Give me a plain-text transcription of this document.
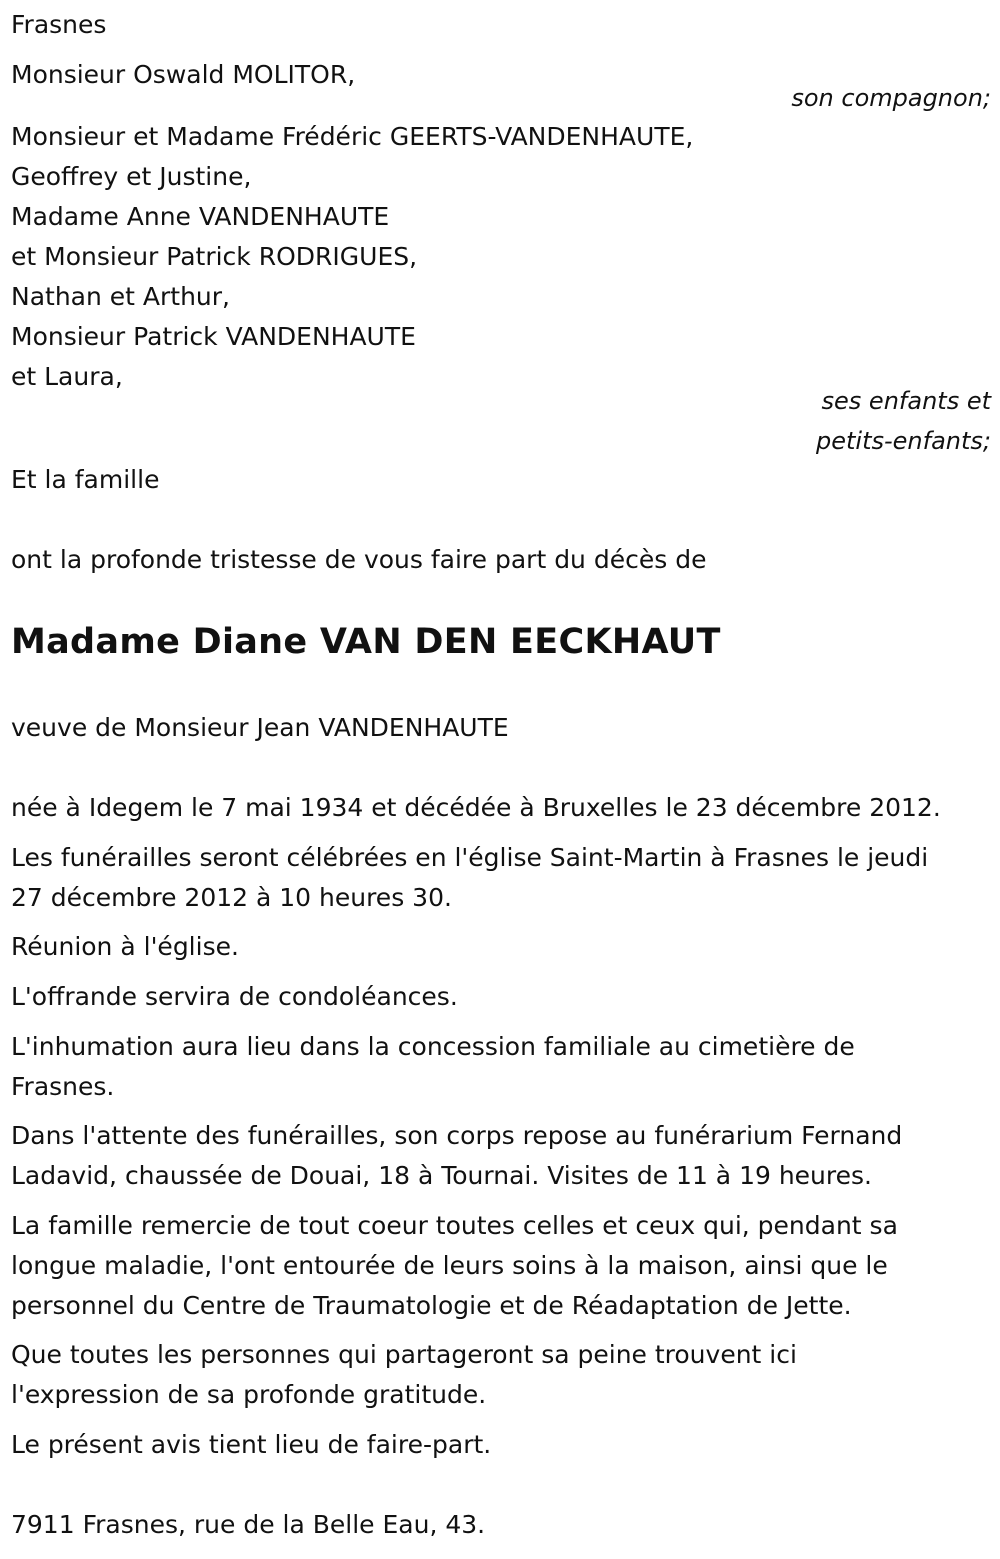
Frasnes
Monsieur Oswald MOLITOR,
son compagnon;
Monsieur et Madame Frédéric GEERTS-VANDENHAUTE,
Geoffrey et Justine,
Madame Anne VANDENHAUTE
et Monsieur Patrick RODRIGUES,
Nathan et Arthur,
Monsieur Patrick VANDENHAUTE
et Laura,
ses enfants et
petits-enfants;
Et la famille
ont la profonde tristesse de vous faire part du décès de
Madame Diane VAN DEN EECKHAUT
veuve de Monsieur Jean VANDENHAUTE
née à Idegem le 7 mai 1934 et décédée à Bruxelles le 23 décembre 2012.
Les funérailles seront célébrées en l'église Saint-Martin à Frasnes le jeudi
27 décembre 2012 à 10 heures 30.
Réunion à l'église.
L'offrande servira de condoléances.
L'inhumation aura lieu dans la concession familiale au cimetière de
Frasnes.
Dans l'attente des funérailles, son corps repose au funérarium Fernand
Ladavid, chaussée de Douai, 18 à Tournai. Visites de 11 à 19 heures.
La famille remercie de tout coeur toutes celles et ceux qui, pendant sa
longue maladie, l'ont entourée de leurs soins à la maison, ainsi que le
personnel du Centre de Traumatologie et de Réadaptation de Jette.
Que toutes les personnes qui partageront sa peine trouvent ici
l'expression de sa profonde gratitude.
Le présent avis tient lieu de faire-part.
7911 Frasnes, rue de la Belle Eau, 43.
